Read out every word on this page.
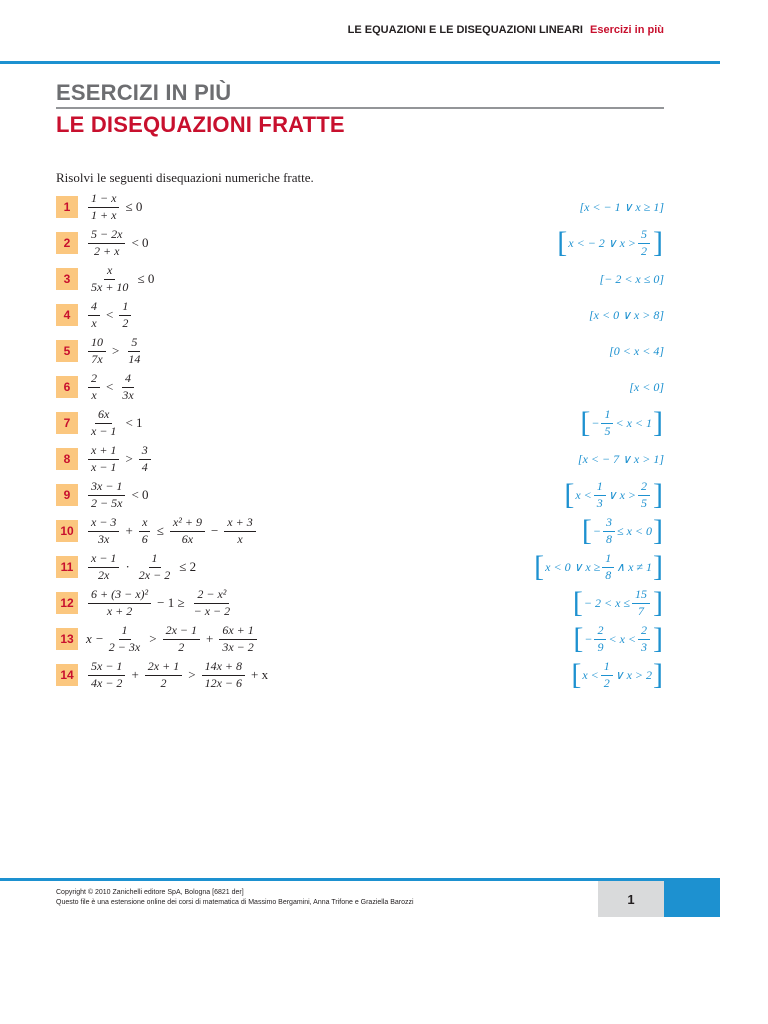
LE EQUAZIONI E LE DISEQUAZIONI LINEARI Esercizi in più
ESERCIZI IN PIÙ
LE DISEQUAZIONI FRATTE
Risolvi le seguenti disequazioni numeriche fratte.
1	$\frac{1 - x}{1 + x} \le 0$	[x < − 1 ∨ x ≥ 1]
2	$\frac{5 - 2x}{2 + x} < 0$	[ x < − 2 ∨ $x > \frac{5}{2}$ ]
3	$\frac{x}{5x + 10} \le 0$	[− 2 < x ≤ 0]
4	$\frac{4}{x} < \frac{1}{2}$	[x < 0 ∨ x > 8]
5	$\frac{10}{7x} > \frac{5}{14}$	[0 < x < 4]
6	$\frac{2}{x} < \frac{4}{3x}$	[x < 0]
7	$\frac{6x}{x - 1} < 1$	[ − $\frac{1}{5} < x < 1$ ]
8	$\frac{x + 1}{x - 1} > \frac{3}{4}$	[x < − 7 ∨ x > 1]
9	$\frac{3x - 1}{2 - 5x} < 0$	[ $x < \frac{1}{3}$ ∨ $x > \frac{2}{5}$ ]
10	$\frac{x - 3}{3x} + \frac{x}{6} \le \frac{\text{x² + 9}}{6x} - \frac{x + 3}{x}$	[ − $\frac{3}{8} \le x < 0$ ]
11	$\frac{x - 1}{2x} \cdot \frac{1}{2x - 2} \le 2$	[ x < 0 ∨ $x \ge \frac{1}{8}$ ∧ x ≠ 1 ]
12	$\frac{\text{6 + (3 − x)²}}{x + 2} - 1 \ge \frac{\text{2 − x²}}{- x - 2}$	[ − $2 < x \le \frac{15}{7}$ ]
13 $x - \frac{1}{2 - 3x} > \frac{2x - 1}{2} + \frac{6x + 1}{3x - 2}$	[ − $\frac{2}{9} < x < \frac{2}{3}$ ]
14	$\frac{5x - 1}{4x - 2} + \frac{2x + 1}{2} > \frac{14x + 8}{12x - 6} + x$	[ $x < \frac{1}{2}$ ∨ x > 2 ]
Copyright © 2010 Zanichelli editore SpA, Bologna [6821 der]
Questo file è una estensione online dei corsi di matematica di Massimo Bergamini, Anna Trifone e Graziella Barozzi	1
